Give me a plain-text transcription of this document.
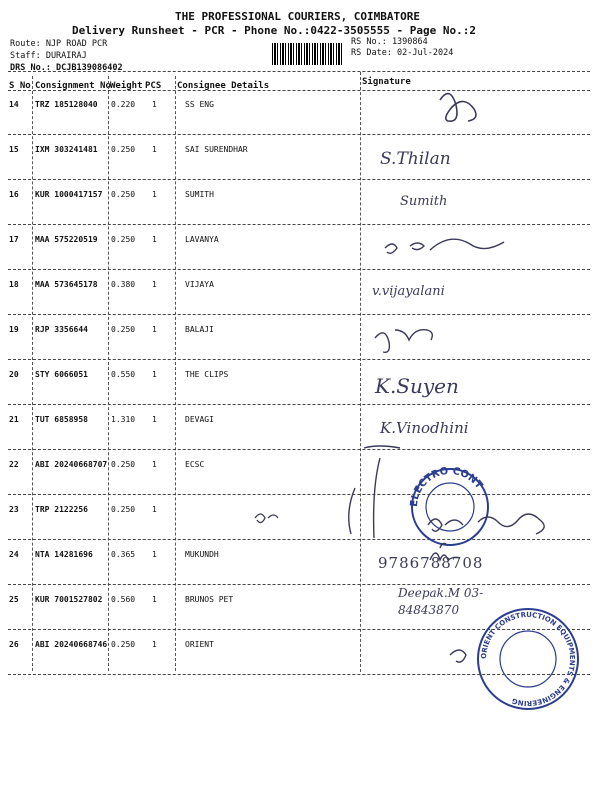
THE PROFESSIONAL COURIERS, COIMBATORE
Delivery Runsheet - PCR - Phone No.:0422-3505555 - Page No.:2
Route: NJP ROAD PCR
Staff: DURAIRAJ
DRS No.: DCJB139086402
RS No.: 1390864
RS Date: 02-Jul-2024
S No Consignment No Weight PCS Consignee Details	Signature
14 TRZ 185128040 0.220 1	SS ENG
15 IXM 303241481 0.250 1	SAI SURENDHAR	S.Thilan
16 KUR 1000417157 0.250 1	SUMITH	Sumith
17 MAA 575220519 0.250 1	LAVANYA
18 MAA 573645178 0.380 1	VIJAYA	v.vijayalani
19 RJP 3356644	0.250 1	BALAJI
20 STY 6066051	0.550 1	THE CLIPS	K.Suyen
21 TUT 6858958	1.310 1	DEVAGI	K.Vinodhini
22 ABI 20240668707 0.250 1	ECSC
23 TRP 2122256	0.250 1
24 NTA 14281696 0.365 1	MUKUNDH	9786788708
25 KUR 7001527802 0.560 1	BRUNOS PET	Deepak.M 03-84843870
26 ABI 20240668746 0.250 1	ORIENT
ELECTRO CONT
ORIENT CONSTRUCTION EQUIPMENTS & ENGINEERING
